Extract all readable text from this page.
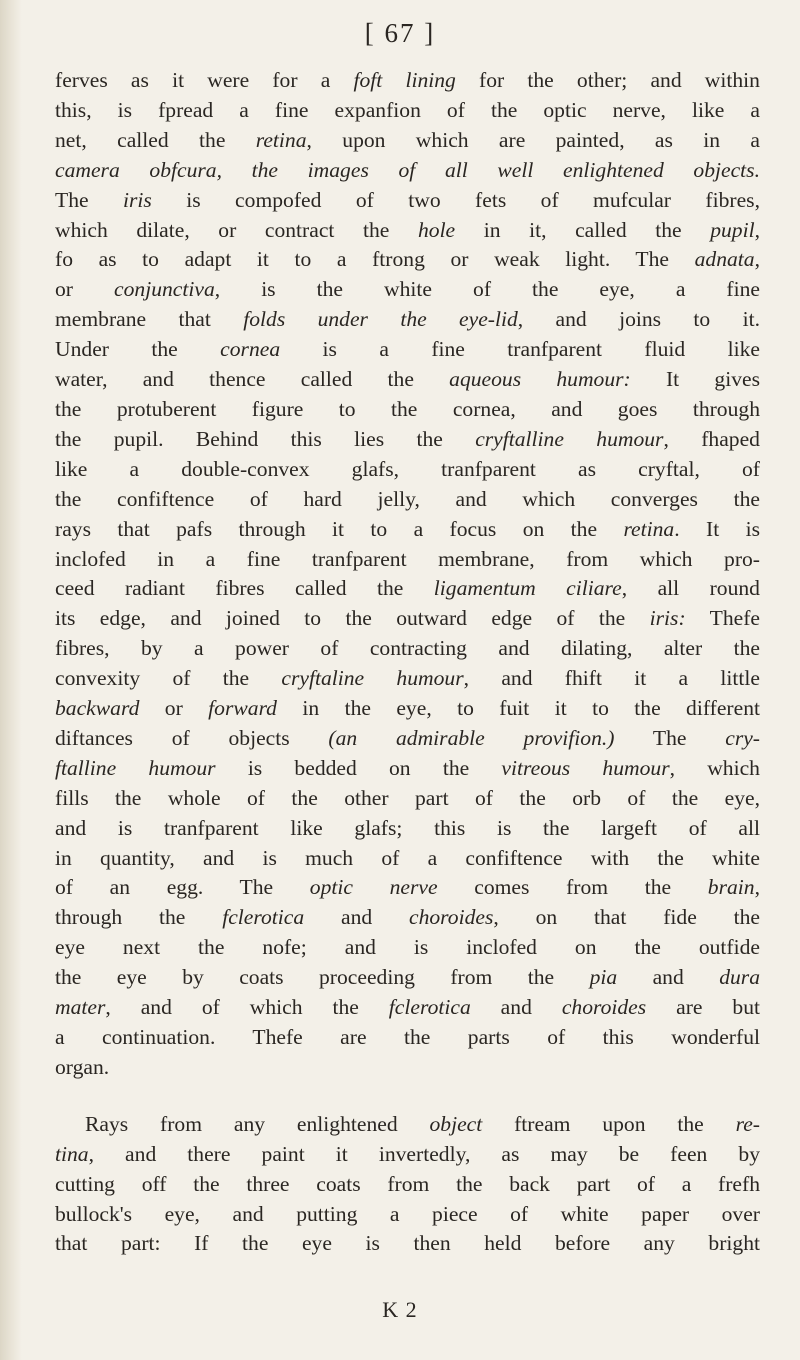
[ 67 ]
ferves as it were for a foft lining for the other; and within
this, is fpread a fine expanfion of the optic nerve, like a
net, called the retina, upon which are painted, as in a
camera obfcura, the images of all well enlightened objects.
The iris is compofed of two fets of mufcular fibres,
which dilate, or contract the hole in it, called the pupil,
fo as to adapt it to a ftrong or weak light. The adnata,
or conjunctiva, is the white of the eye, a fine
membrane that folds under the eye-lid, and joins to it.
Under the cornea is a fine tranfparent fluid like
water, and thence called the aqueous humour: It gives
the protuberent figure to the cornea, and goes through
the pupil. Behind this lies the cryftalline humour, fhaped
like a double-convex glafs, tranfparent as cryftal, of
the confiftence of hard jelly, and which converges the
rays that pafs through it to a focus on the retina. It is
inclofed in a fine tranfparent membrane, from which pro-
ceed radiant fibres called the ligamentum ciliare, all round
its edge, and joined to the outward edge of the iris: Thefe
fibres, by a power of contracting and dilating, alter the
convexity of the cryftaline humour, and fhift it a little
backward or forward in the eye, to fuit it to the different
diftances of objects (an admirable provifion.) The cry-
ftalline humour is bedded on the vitreous humour, which
fills the whole of the other part of the orb of the eye,
and is tranfparent like glafs; this is the largeft of all
in quantity, and is much of a confiftence with the white
of an egg. The optic nerve comes from the brain,
through the fclerotica and choroides, on that fide the
eye next the nofe; and is inclofed on the outfide
the eye by coats proceeding from the pia and dura
mater, and of which the fclerotica and choroides are but
a continuation. Thefe are the parts of this wonderful
organ.
Rays from any enlightened object ftream upon the re-
tina, and there paint it invertedly, as may be feen by
cutting off the three coats from the back part of a frefh
bullock's eye, and putting a piece of white paper over
that part: If the eye is then held before any bright
K 2
